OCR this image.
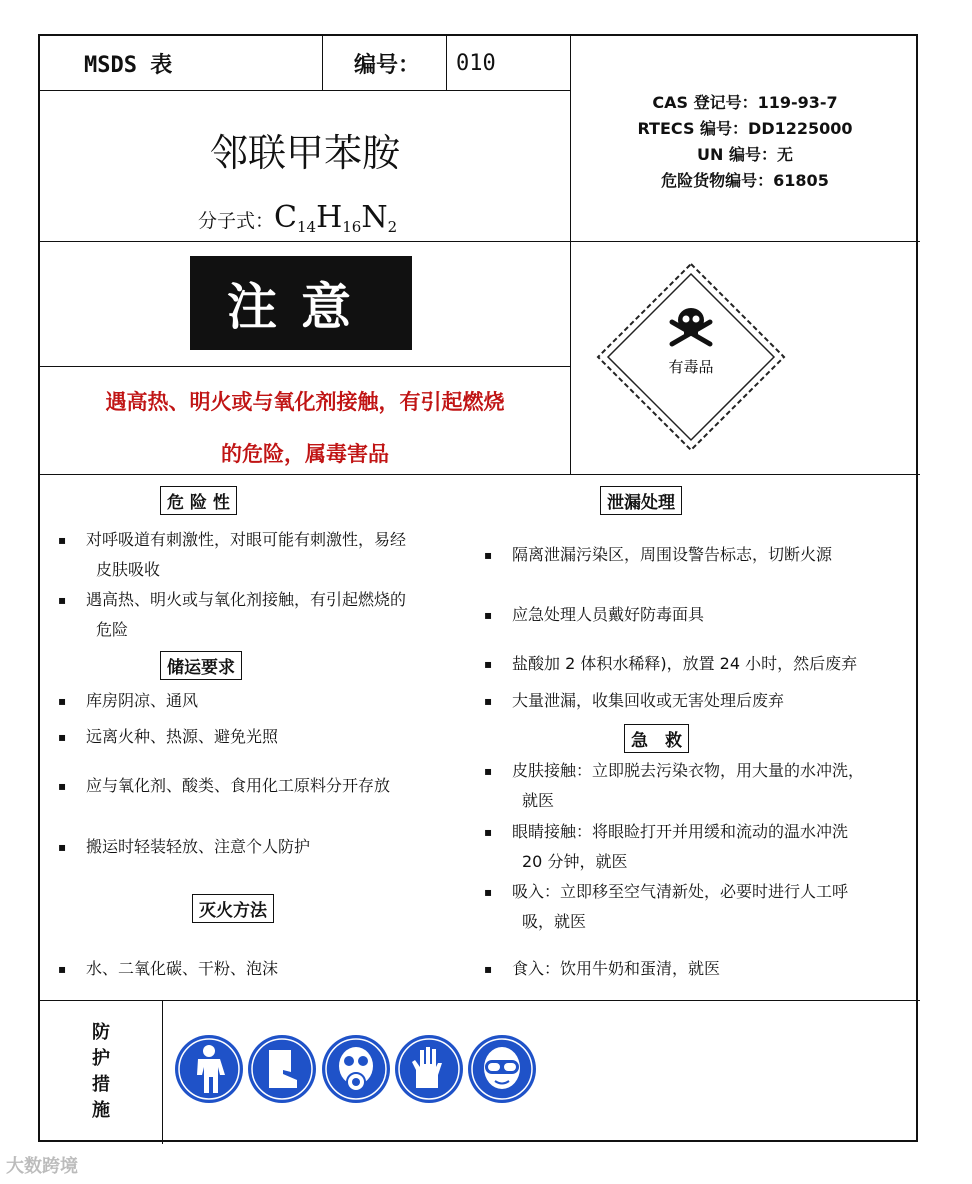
MSDS 表	编号： 010
邻联甲苯胺
分子式：$C_{14}H_{16}N_2$
CAS 登记号：119-93-7
RTECS 编号：DD1225000
UN 编号：无
危险货物编号：61805
注意
遇高热、明火或与氧化剂接触，有引起燃烧
的危险，属毒害品
有毒品
危 险 性
▪ 对呼吸道有刺激性，对眼可能有刺激性，易经
皮肤吸收
▪ 遇高热、明火或与氧化剂接触，有引起燃烧的
危险
储运要求
▪ 库房阴凉、通风
▪ 远离火种、热源、避免光照
▪ 应与氧化剂、酸类、食用化工原料分开存放
▪ 搬运时轻装轻放、注意个人防护
灭火方法
▪ 水、二氧化碳、干粉、泡沫
泄漏处理
▪ 隔离泄漏污染区，周围设警告标志，切断火源
▪ 应急处理人员戴好防毒面具
▪ 盐酸加 2 体积水稀释)，放置 24 小时，然后废弃
▪ 大量泄漏，收集回收或无害处理后废弃
急　救
▪ 皮肤接触：立即脱去污染衣物，用大量的水冲洗，
就医
▪ 眼睛接触：将眼睑打开并用缓和流动的温水冲洗
20 分钟，就医
▪ 吸入：立即移至空气清新处，必要时进行人工呼
吸，就医
▪ 食入：饮用牛奶和蛋清，就医
防
护
措
施
大数跨境
